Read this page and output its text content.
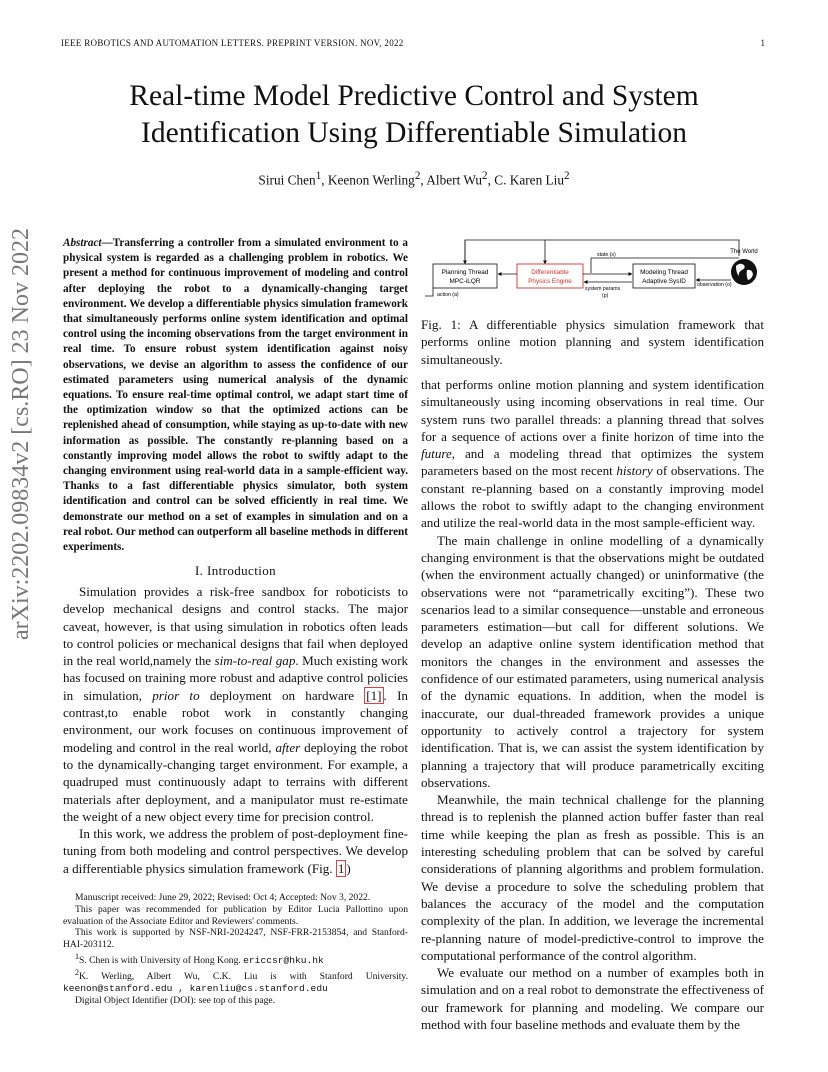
IEEE ROBOTICS AND AUTOMATION LETTERS. PREPRINT VERSION. NOV, 2022	1
arXiv:2202.09834v2 [cs.RO] 23 Nov 2022
Real-time Model Predictive Control and System
Identification Using Differentiable Simulation
Sirui Chen$^1$, Keenon Werling$^2$, Albert Wu$^2$, C. Karen Liu$^2$
Abstract—Transferring a controller from a simulated environment to a physical system is regarded as a challenging problem in robotics. We present a method for continuous improvement of modeling and control after deploying the robot to a dynamically-changing target environment. We develop a differentiable physics simulation framework that simultaneously performs online system identification and optimal control using the incoming observations from the target environment in real time. To ensure robust system identification against noisy observations, we devise an algorithm to assess the confidence of our estimated parameters using numerical analysis of the dynamic equations. To ensure real-time optimal control, we adapt start time of the optimization window so that the optimized actions can be replenished ahead of consumption, while staying as up-to-date with new information as possible. The constantly re-planning based on a constantly improving model allows the robot to swiftly adapt to the changing environment using real-world data in a sample-efficient way. Thanks to a fast differentiable physics simulator, both system identification and control can be solved efficiently in real time. We demonstrate our method on a set of examples in simulation and on a real robot. Our method can outperform all baseline methods in different experiments.
I. Introduction

Simulation provides a risk-free sandbox for roboticists to develop mechanical designs and control stacks. The major caveat, however, is that using simulation in robotics often leads to control policies or mechanical designs that fail when deployed in the real world,namely the sim-to-real gap. Much existing work has focused on training more robust and adaptive control policies in simulation, prior to deployment on hardware [1] . In contrast,to enable robot work in constantly changing environment, our work focuses on continuous improvement of modeling and control in the real world, after deploying the robot to the dynamically-changing target environment. For example, a quadruped must continuously adapt to terrains with different materials after deployment, and a manipulator must re-estimate the weight of a new object every time for precision control.

In this work, we address the problem of post-deployment fine-tuning from both modeling and control perspectives. We develop a differentiable physics simulation framework (Fig. 1 )

Manuscript received: June 29, 2022; Revised: Oct 4; Accepted: Nov 3, 2022.

This paper was recommended for publication by Editor Lucia Pallottino upon evaluation of the Associate Editor and Reviewers' comments.

This work is supported by NSF-NRI-2024247, NSF-FRR-2153854, and Stanford-HAI-203112.

$^1$S. Chen is with University of Hong Kong. ericcsr@hku.hk

$^2$K. Werling, Albert Wu, C.K. Liu is with Stanford University. keenon@stanford.edu , karenliu@cs.stanford.edu

Digital Object Identifier (DOI): see top of this page.

Planning Thread
MPC-iLQR
Differentiable
Physics Engine
Modeling Thread
Adaptive SysID
state (s)
system params
(p)
action (a)
The World
observation (o)
Fig. 1: A differentiable physics simulation framework that performs online motion planning and system identification simultaneously.

that performs online motion planning and system identification simultaneously using incoming observations in real time. Our system runs two parallel threads: a planning thread that solves for a sequence of actions over a finite horizon of time into the future, and a modeling thread that optimizes the system parameters based on the most recent history of observations. The constant re-planning based on a constantly improving model allows the robot to swiftly adapt to the changing environment and utilize the real-world data in the most sample-efficient way.

The main challenge in online modelling of a dynamically changing environment is that the observations might be outdated (when the environment actually changed) or uninformative (the observations were not “parametrically exciting”). These two scenarios lead to a similar consequence—unstable and erroneous parameters estimation—but call for different solutions. We develop an adaptive online system identification method that monitors the changes in the environment and assesses the confidence of our estimated parameters, using numerical analysis of the dynamic equations. In addition, when the model is inaccurate, our dual-threaded framework provides a unique opportunity to actively control a trajectory for system identification. That is, we can assist the system identification by planning a trajectory that will produce parametrically exciting observations.

Meanwhile, the main technical challenge for the planning thread is to replenish the planned action buffer faster than real time while keeping the plan as fresh as possible. This is an interesting scheduling problem that can be solved by careful considerations of planning algorithms and problem formulation. We devise a procedure to solve the scheduling problem that balances the accuracy of the model and the computation complexity of the plan. In addition, we leverage the incremental re-planning nature of model-predictive-control to improve the computational performance of the control algorithm.

We evaluate our method on a number of examples both in simulation and on a real robot to demonstrate the effectiveness of our framework for planning and modeling. We compare our method with four baseline methods and evaluate them by the
